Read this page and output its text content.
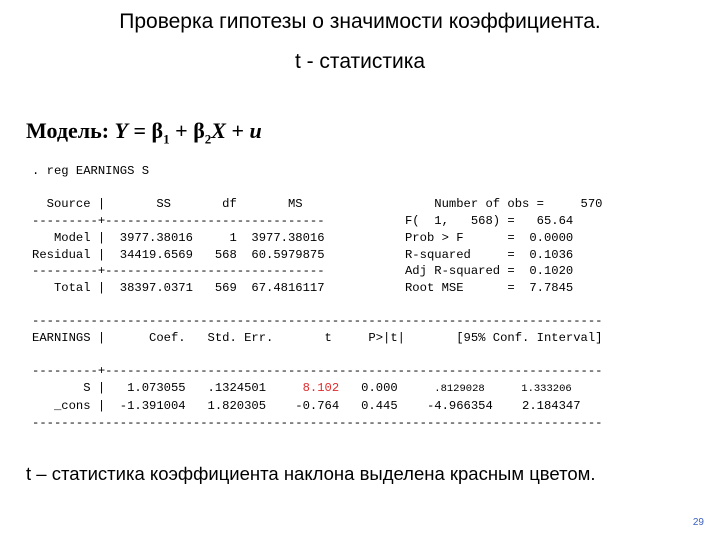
Проверка гипотезы о значимости коэффициента.
t - статистика
Модель: $Y = \beta_1 + \beta_2X + u$
. reg EARNINGS S

Source |       SS       df       MS                  Number of obs =     570
---------+------------------------------           F(  1,   568) =   65.64
Model |  3977.38016     1  3977.38016           Prob > F      =  0.0000
Residual |  34419.6569   568  60.5979875           R-squared     =  0.1036
---------+------------------------------           Adj R-squared =  0.1020
Total |  38397.0371   569  67.4816117           Root MSE      =  7.7845

------------------------------------------------------------------------------
EARNINGS |      Coef.   Std. Err.       t     P>|t|       [95% Conf. Interval]

---------+--------------------------------------------------------------------
S |   1.073055   .1324501     8.102   0.000     .8129028	1.333206
_cons |  -1.391004   1.820305    -0.764   0.445    -4.966354    2.184347
------------------------------------------------------------------------------
t – статистика коэффициента наклона выделена красным цветом.
29
